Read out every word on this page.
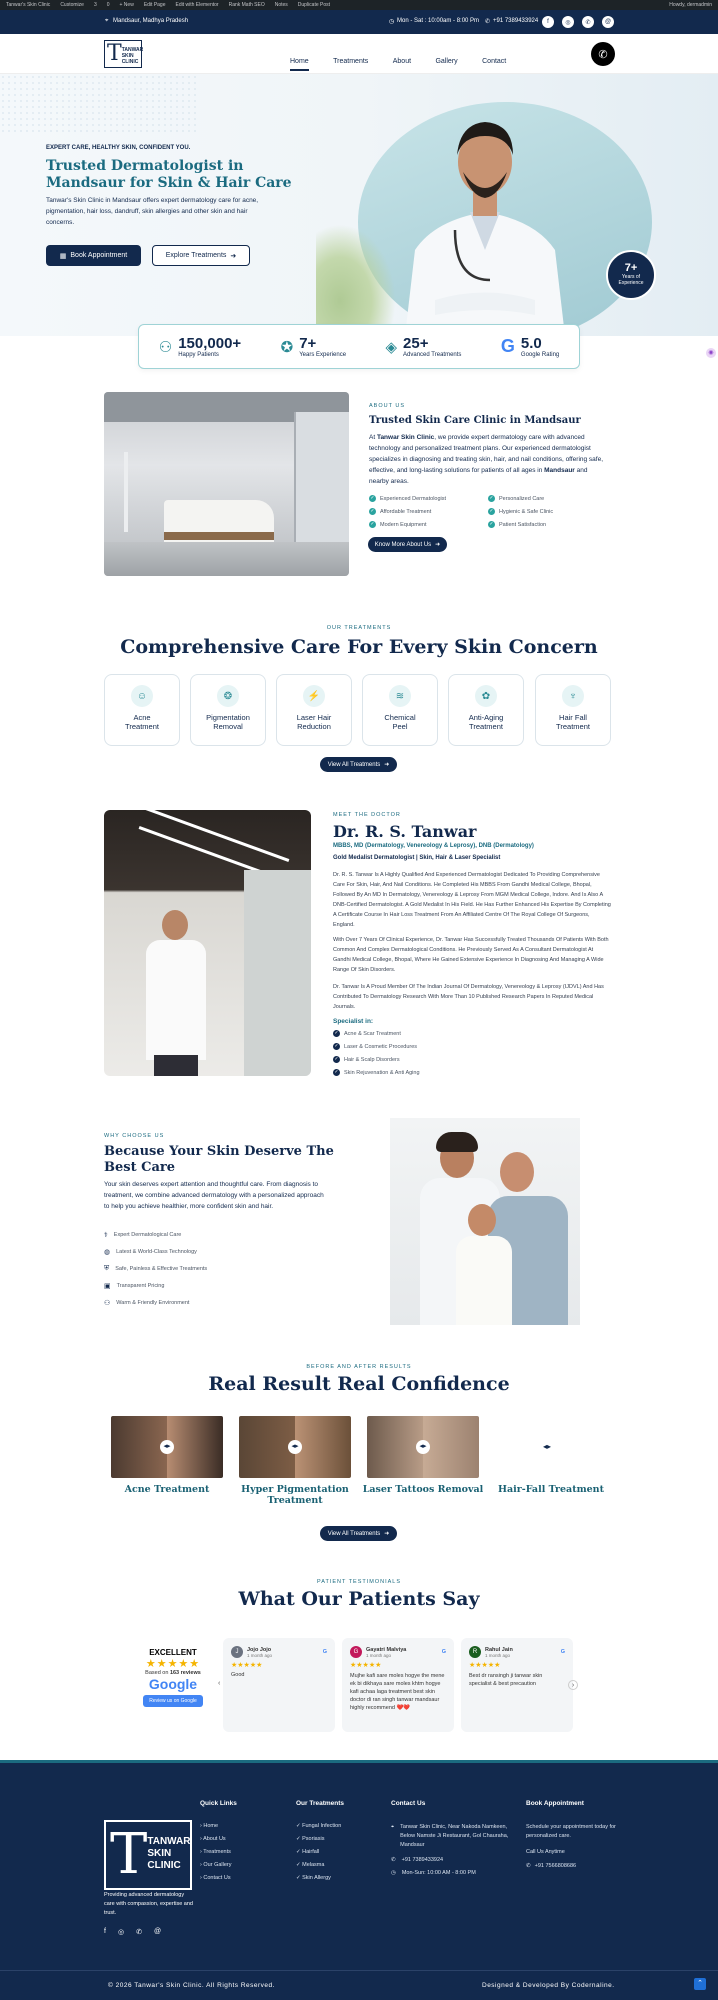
Tanwar's Skin Clinic Customize 3 0 + New Edit Page Edit with Elementor Rank Math SEO Notes Duplicate Post	Howdy, dermadmin
⌖ Mandsaur, Madhya Pradesh	◷ Mon - Sat : 10:00am - 8:00 Pm ✆ +91 7389433924	f	◎	✆	@
T TANWAR
SKIN
CLINIC	Home	Treatments	About	Gallery	Contact
✆
EXPERT CARE, HEALTHY SKIN, CONFIDENT YOU.
Trusted Dermatologist in Mandsaur for Skin & Hair Care
Tanwar's Skin Clinic in Mandsaur offers expert dermatology care for acne, pigmentation, hair loss, dandruff, skin allergies and other skin and hair concerns.
▦ Book Appointment	Explore Treatments ➜
7+
Years of
Experience
⚇ 150,000+
Happy Patients	✪ 7+
Years Experience	◈ 25+
Advanced Treatments G 5.0
Google Rating	◉
ABOUT US
Trusted Skin Care Clinic in Mandsaur
At Tanwar Skin Clinic, we provide expert dermatology care with advanced technology and personalized treatment plans. Our experienced dermatologist specializes in diagnosing and treating skin, hair, and nail conditions, offering safe, effective, and long-lasting solutions for patients of all ages in Mandsaur and nearby areas.
✓ Experienced Dermatologist	✓ Personalized Care
✓ Affordable Treatment	✓ Hygienic & Safe Clinic
✓ Modern Equipment	✓ Patient Satisfaction
Know More About Us ➜
OUR TREATMENTS
Comprehensive Care For Every Skin Concern
☺
Acne
Treatment
❂
Pigmentation
Removal
⚡
Laser Hair
Reduction
≋
Chemical
Peel
✿
Anti-Aging
Treatment
♆
Hair Fall
Treatment
View All Treatments ➜
MEET THE DOCTOR
Dr. R. S. Tanwar
MBBS, MD (Dermatology, Venereology & Leprosy), DNB (Dermatology)
Gold Medalist Dermatologist | Skin, Hair & Laser Specialist
Dr. R. S. Tanwar Is A Highly Qualified And Experienced Dermatologist Dedicated To Providing Comprehensive Care For Skin, Hair, And Nail Conditions. He Completed His MBBS From Gandhi Medical College, Bhopal, Followed By An MD In Dermatology, Venereology & Leprosy From MGM Medical College, Indore. And Is Also A DNB-Certified Dermatologist. A Gold Medalist In His Field. He Has Further Enhanced His Expertise By Completing A Certificate Course In Hair Loss Treatment From An Affiliated Centre Of The Royal College Of Surgeons, England.
With Over 7 Years Of Clinical Experience, Dr. Tanwar Has Successfully Treated Thousands Of Patients With Both Common And Complex Dermatological Conditions. He Previously Served As A Consultant Dermatologist At Gandhi Medical College, Bhopal, Where He Gained Extensive Experience In Diagnosing And Managing A Wide Range Of Skin Disorders.
Dr. Tanwar Is A Proud Member Of The Indian Journal Of Dermatology, Venereology & Leprosy (IJDVL) And Has Contributed To Dermatology Research With More Than 10 Published Research Papers In Reputed Medical Journals.
Specialist in:
✓ Acne & Scar Treatment
✓ Laser & Cosmetic Procedures
✓ Hair & Scalp Disorders
✓ Skin Rejuvenation & Anti Aging
WHY CHOOSE US
Because Your Skin Deserve The Best Care
Your skin deserves expert attention and thoughtful care. From diagnosis to treatment, we combine advanced dermatology with a personalized approach to help you achieve healthier, more confident skin and hair.
⚕ Expert Dermatological Care
◍ Latest & World-Class Technology
⛨ Safe, Painless & Effective Treatments
▣ Transparent Pricing
⚇ Warm & Friendly Environment
BEFORE AND AFTER RESULTS
Real Result Real Confidence
◂▸	◂▸	◂▸	◂▸
Acne Treatment	Hyper Pigmentation Treatment
Laser Tattoos Removal	Hair-Fall Treatment
View All Treatments ➜
PATIENT TESTIMONIALS
What Our Patients Say
EXCELLENT
★★★★★
Based on 163 reviews
Google
Review us on Google
‹
J	Jojo Jojo
1 month ago	G
★★★★★
Good
G	Gayatri Malviya
1 month ago	G
★★★★★
Mujhe kafi sare moles hogye the mene ek bi dikhaya sare moles khtm hogye kafi achaa laga treatment best skin doctor di ran singh tanwar mandsaur highly recommend ❤️❤️
R	Rahul Jain
1 month ago	G
★★★★★
Best dr ransingh ji tanwar skin specialist & best precaution	›
T TANWAR
SKIN
CLINIC
Providing advanced dermatology care with compassion, expertise and trust.
f ◎ ✆ @
Quick Links
› Home
› About Us
› Treatments
› Our Gallery
› Contact Us
Our Treatments
✓ Fungal Infection
✓ Psoriasis
✓ Hairfall
✓ Melasma
✓ Skin Allergy
Contact Us
⌖ Tanwar Skin Clinic, Near Nakoda Namkeen, Below Namste Ji Restaurant, Gol Chauraha, Mandsaur
✆ +91 7389433924
◷ Mon-Sun: 10:00 AM - 8:00 PM
Book Appointment
Schedule your appointment today for personalized care.
Call Us Anytime
✆ +91 7566808686
© 2026 Tanwar's Skin Clinic. All Rights Reserved.	Designed & Developed By Codernaline.	⌃
